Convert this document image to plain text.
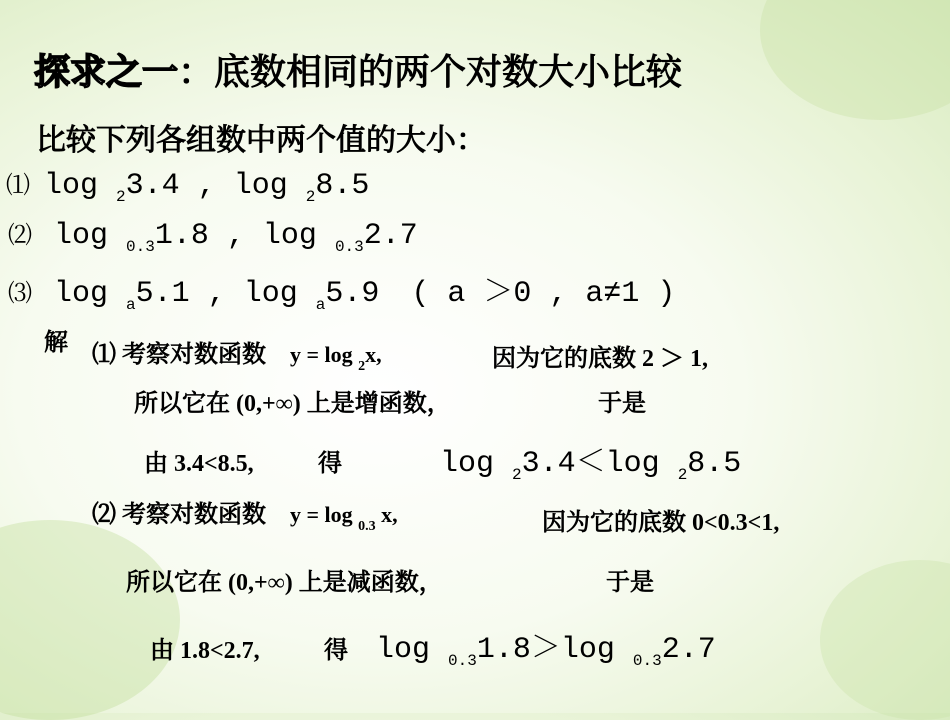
探求之一：底数相同的两个对数大小比较
比较下列各组数中两个值的大小：
⑴ log $_2$3.4 , log $_2$8.5
⑵ log $_{0.3}$1.8 , log $_{0.3}$2.7
⑶ log $_a$5.1 , log $_a$5.9 ( a ＞0 , a≠1 )
解 ⑴ 考察对数函数 y = log $_2$x,	因为它的底数 2 ＞ 1,
所以它在 (0,+∞) 上是增函数，	于是
由 3.4<8.5,	得	log $_2$3.4＜log $_2$8.5
⑵ 考察对数函数 y = log $_{0.3}$ x,	因为它的底数 0<0.3<1,
所以它在 (0,+∞) 上是减函数，	于是
由 1.8<2.7,	得 log $_{0.3}$1.8＞log $_{0.3}$2.7
